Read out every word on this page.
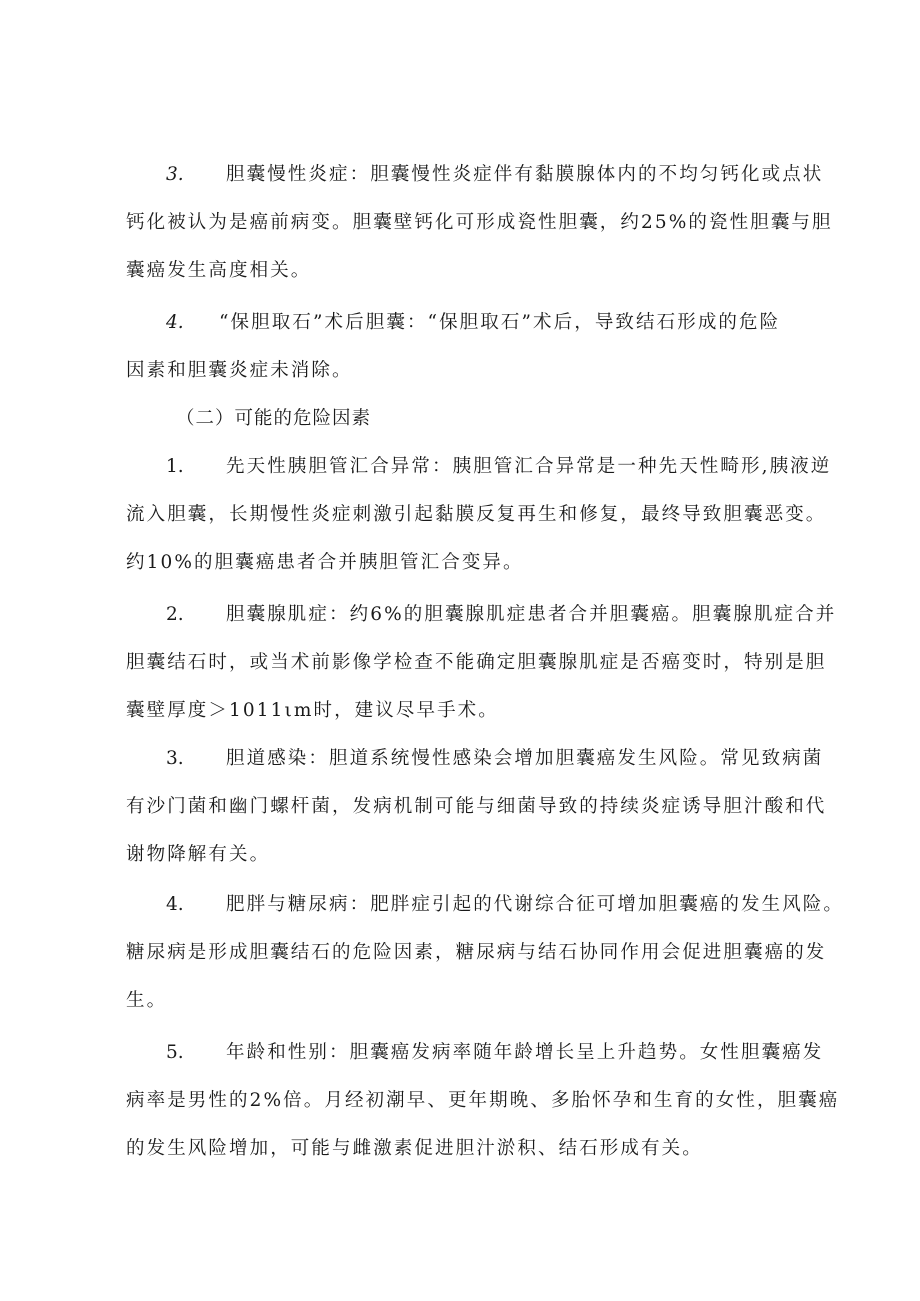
3. 胆囊慢性炎症：胆囊慢性炎症伴有黏膜腺体内的不均匀钙化或点状
钙化被认为是癌前病变。胆囊壁钙化可形成瓷性胆囊，约25%的瓷性胆囊与胆
囊癌发生高度相关。
4. “保胆取石”术后胆囊：“保胆取石”术后，导致结石形成的危险
因素和胆囊炎症未消除。
（二）可能的危险因素
1. 先天性胰胆管汇合异常：胰胆管汇合异常是一种先天性畸形,胰液逆
流入胆囊，长期慢性炎症刺激引起黏膜反复再生和修复，最终导致胆囊恶变。
约10%的胆囊癌患者合并胰胆管汇合变异。
2. 胆囊腺肌症：约6%的胆囊腺肌症患者合并胆囊癌。胆囊腺肌症合并
胆囊结石时，或当术前影像学检查不能确定胆囊腺肌症是否癌变时，特别是胆
囊壁厚度＞1011ιm时，建议尽早手术。
3. 胆道感染：胆道系统慢性感染会增加胆囊癌发生风险。常见致病菌
有沙门菌和幽门螺杆菌，发病机制可能与细菌导致的持续炎症诱导胆汁酸和代
谢物降解有关。
4. 肥胖与糖尿病：肥胖症引起的代谢综合征可增加胆囊癌的发生风险。
糖尿病是形成胆囊结石的危险因素，糖尿病与结石协同作用会促进胆囊癌的发
生。
5. 年龄和性别：胆囊癌发病率随年龄增长呈上升趋势。女性胆囊癌发
病率是男性的2%倍。月经初潮早、更年期晚、多胎怀孕和生育的女性，胆囊癌
的发生风险增加，可能与雌激素促进胆汁淤积、结石形成有关。
